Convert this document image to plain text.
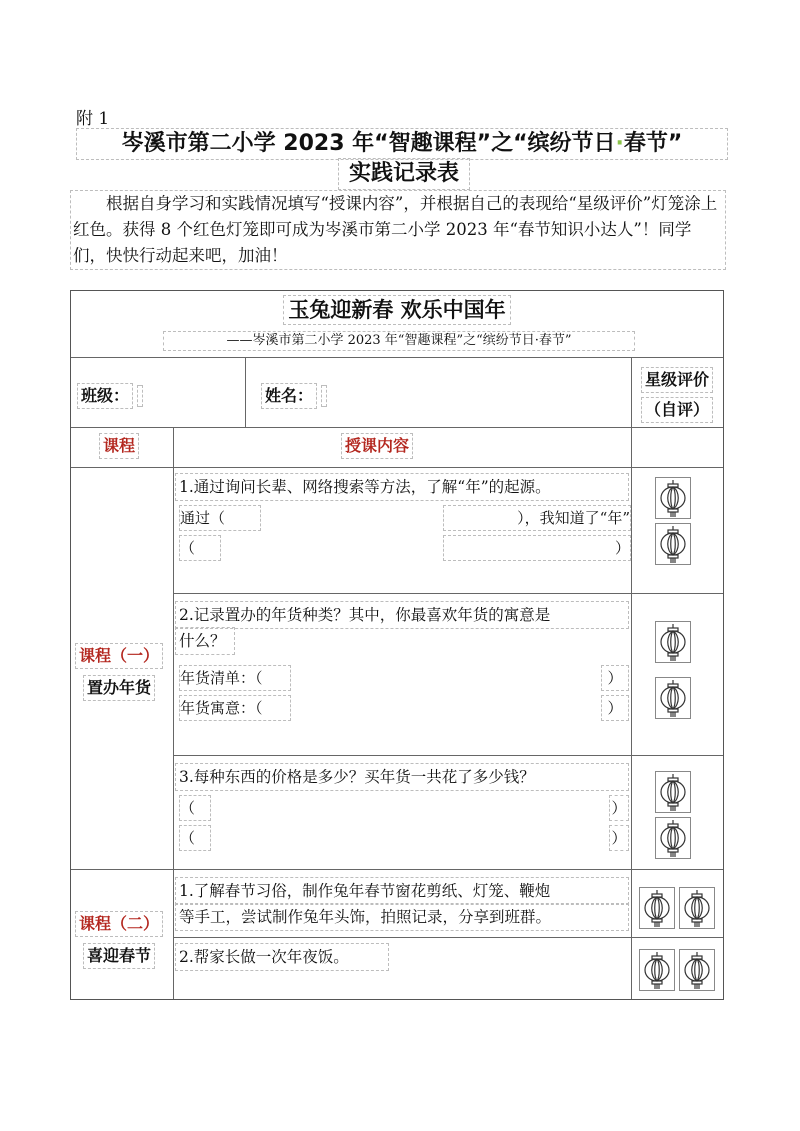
附 1
岑溪市第二小学 2023 年“智趣课程”之“缤纷节日·春节”
实践记录表
根据自身学习和实践情况填写“授课内容”，并根据自己的表现给“星级评价”灯笼涂上红色。获得 8 个红色灯笼即可成为岑溪市第二小学 2023 年“春节知识小达人”！同学们，快快行动起来吧，加油！
玉兔迎新春 欢乐中国年
——岑溪市第二小学 2023 年“智趣课程”之“缤纷节日·春节”
班级：	姓名：
星级评价
（自评）
课程	授课内容
课程（一）
置办年货
1.通过询问长辈、网络搜索等方法，了解“年”的起源。
通过（	），我知道了“年”
（	）
2.记录置办的年货种类？其中，你最喜欢年货的寓意是
什么？
年货清单：（	）
年货寓意：（	）
3.每种东西的价格是多少？买年货一共花了多少钱？
（	）
（	）
课程（二）
喜迎春节
1.了解春节习俗，制作兔年春节窗花剪纸、灯笼、鞭炮
等手工，尝试制作兔年头饰，拍照记录，分享到班群。
2.帮家长做一次年夜饭。
